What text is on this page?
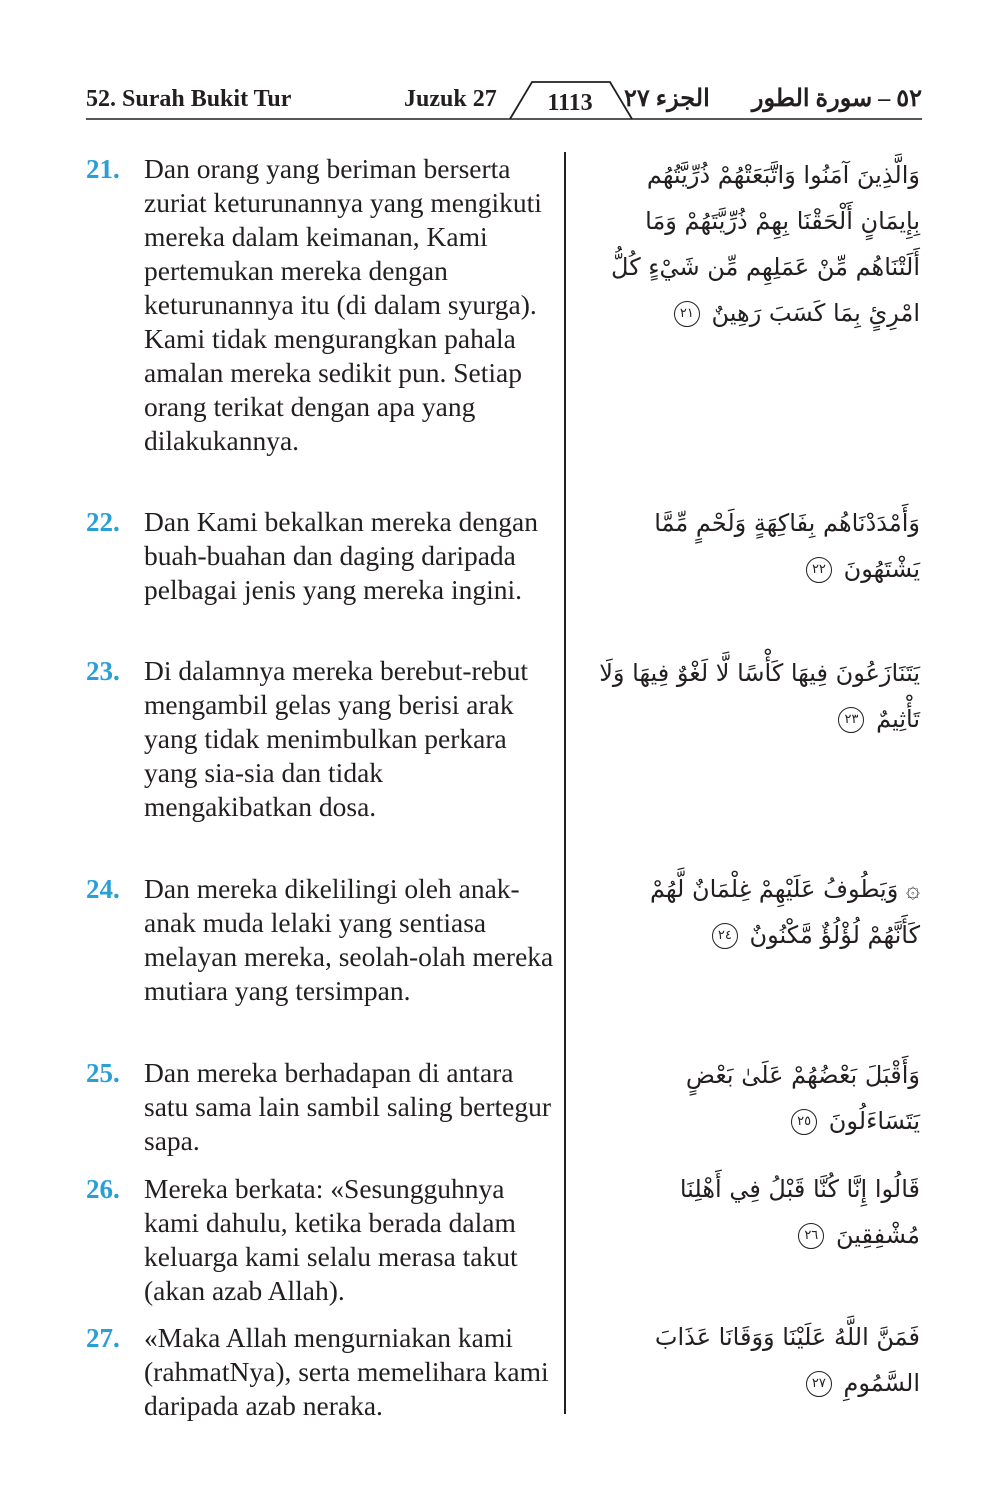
52. Surah Bukit Tur	Juzuk 27	1113	الجزء ٢٧ ٥٢ – سورة الطور
21. Dan orang yang beriman berserta zuriat keturunannya yang mengikuti mereka dalam keimanan, Kami pertemukan mereka dengan keturunannya itu (di dalam syurga). Kami tidak mengurangkan pahala amalan mereka sedikit pun. Setiap orang terikat dengan apa yang dilakukannya.
وَالَّذِينَ آمَنُوا وَاتَّبَعَتْهُمْ ذُرِّيَّتُهُم بِإِيمَانٍ أَلْحَقْنَا بِهِمْ ذُرِّيَّتَهُمْ وَمَا أَلَتْنَاهُم مِّنْ عَمَلِهِم مِّن شَيْءٍ كُلُّ امْرِئٍ بِمَا كَسَبَ رَهِينٌ ٢١
22. Dan Kami bekalkan mereka dengan buah-buahan dan daging daripada pelbagai jenis yang mereka ingini.
وَأَمْدَدْنَاهُم بِفَاكِهَةٍ وَلَحْمٍ مِّمَّا يَشْتَهُونَ ٢٢
23. Di dalamnya mereka berebut-rebut mengambil gelas yang berisi arak yang tidak menimbulkan perkara yang sia-sia dan tidak mengakibatkan dosa.
يَتَنَازَعُونَ فِيهَا كَأْسًا لَّا لَغْوٌ فِيهَا وَلَا تَأْثِيمٌ ٢٣
24. Dan mereka dikelilingi oleh anak-anak muda lelaki yang sentiasa melayan mereka, seolah-olah mereka mutiara yang tersimpan.
۞ وَيَطُوفُ عَلَيْهِمْ غِلْمَانٌ لَّهُمْ كَأَنَّهُمْ لُؤْلُؤٌ مَّكْنُونٌ ٢٤
25. Dan mereka berhadapan di antara satu sama lain sambil saling bertegur sapa.
وَأَقْبَلَ بَعْضُهُمْ عَلَىٰ بَعْضٍ يَتَسَاءَلُونَ ٢٥
26. Mereka berkata: «Sesungguhnya kami dahulu, ketika berada dalam keluarga kami selalu merasa takut (akan azab Allah).
قَالُوا إِنَّا كُنَّا قَبْلُ فِي أَهْلِنَا مُشْفِقِينَ ٢٦
27. «Maka Allah mengurniakan kami (rahmatNya), serta memelihara kami daripada azab neraka.
فَمَنَّ اللَّهُ عَلَيْنَا وَوَقَانَا عَذَابَ السَّمُومِ ٢٧
